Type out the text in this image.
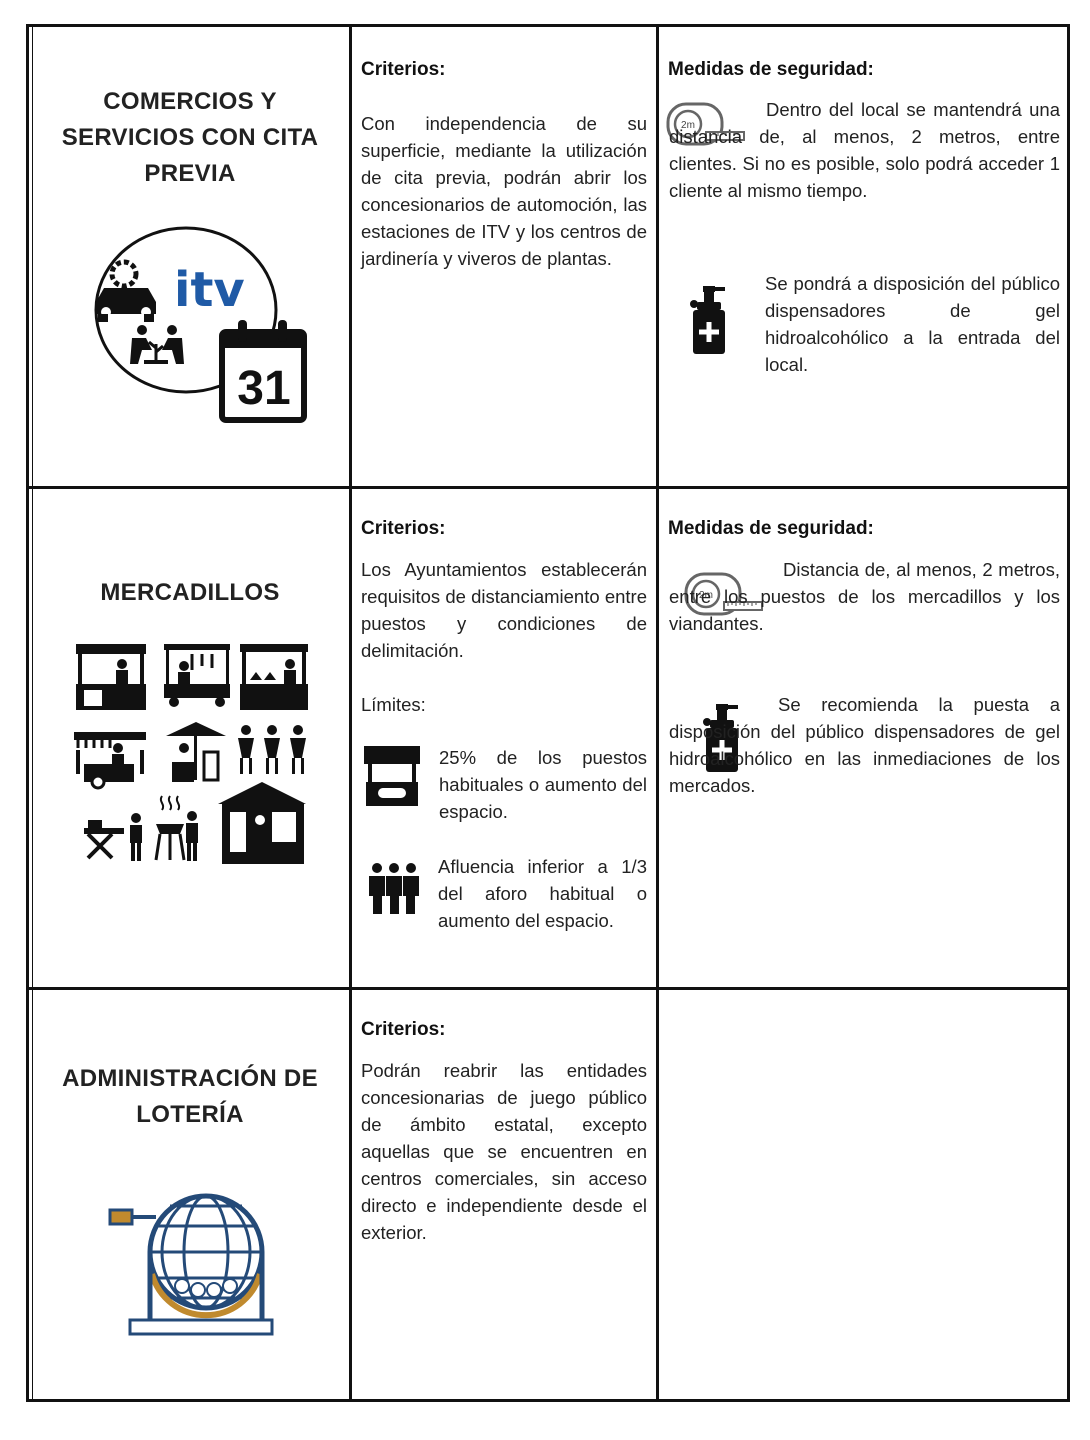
COMERCIOS Y SERVICIOS CON CITA PREVIA
itv
31
Criterios:
Con independencia de su superficie, mediante la utilización de cita previa, podrán abrir los concesionarios de automoción, las estaciones de ITV y los centros de jardinería y viveros de plantas.
Medidas de seguridad:
Dentro del local se mantendrá una distancia de, al menos, 2 metros, entre clientes. Si no es posible, solo podrá acceder 1 cliente al mismo tiempo.
Se pondrá a disposición del público dispensadores de gel hidroalcohólico a la entrada del local.
MERCADILLOS
Criterios:
Los Ayuntamientos establecerán requisitos de distanciamiento entre puestos y condiciones de delimitación.
Límites:
25% de los puestos habituales o aumento del espacio.
Afluencia inferior a 1/3 del aforo habitual o aumento del espacio.
Medidas de seguridad:
Distancia de, al menos, 2 metros, entre los puestos de los mercadillos y los viandantes.
Se recomienda la puesta a disposición del público dispensadores de gel hidroalcohólico en las inmediaciones de los mercados.
ADMINISTRACIÓN DE LOTERÍA
Criterios:
Podrán reabrir las entidades concesionarias de juego público de ámbito estatal, excepto aquellas que se encuentren en centros comerciales, sin acceso directo e independiente desde el exterior.
